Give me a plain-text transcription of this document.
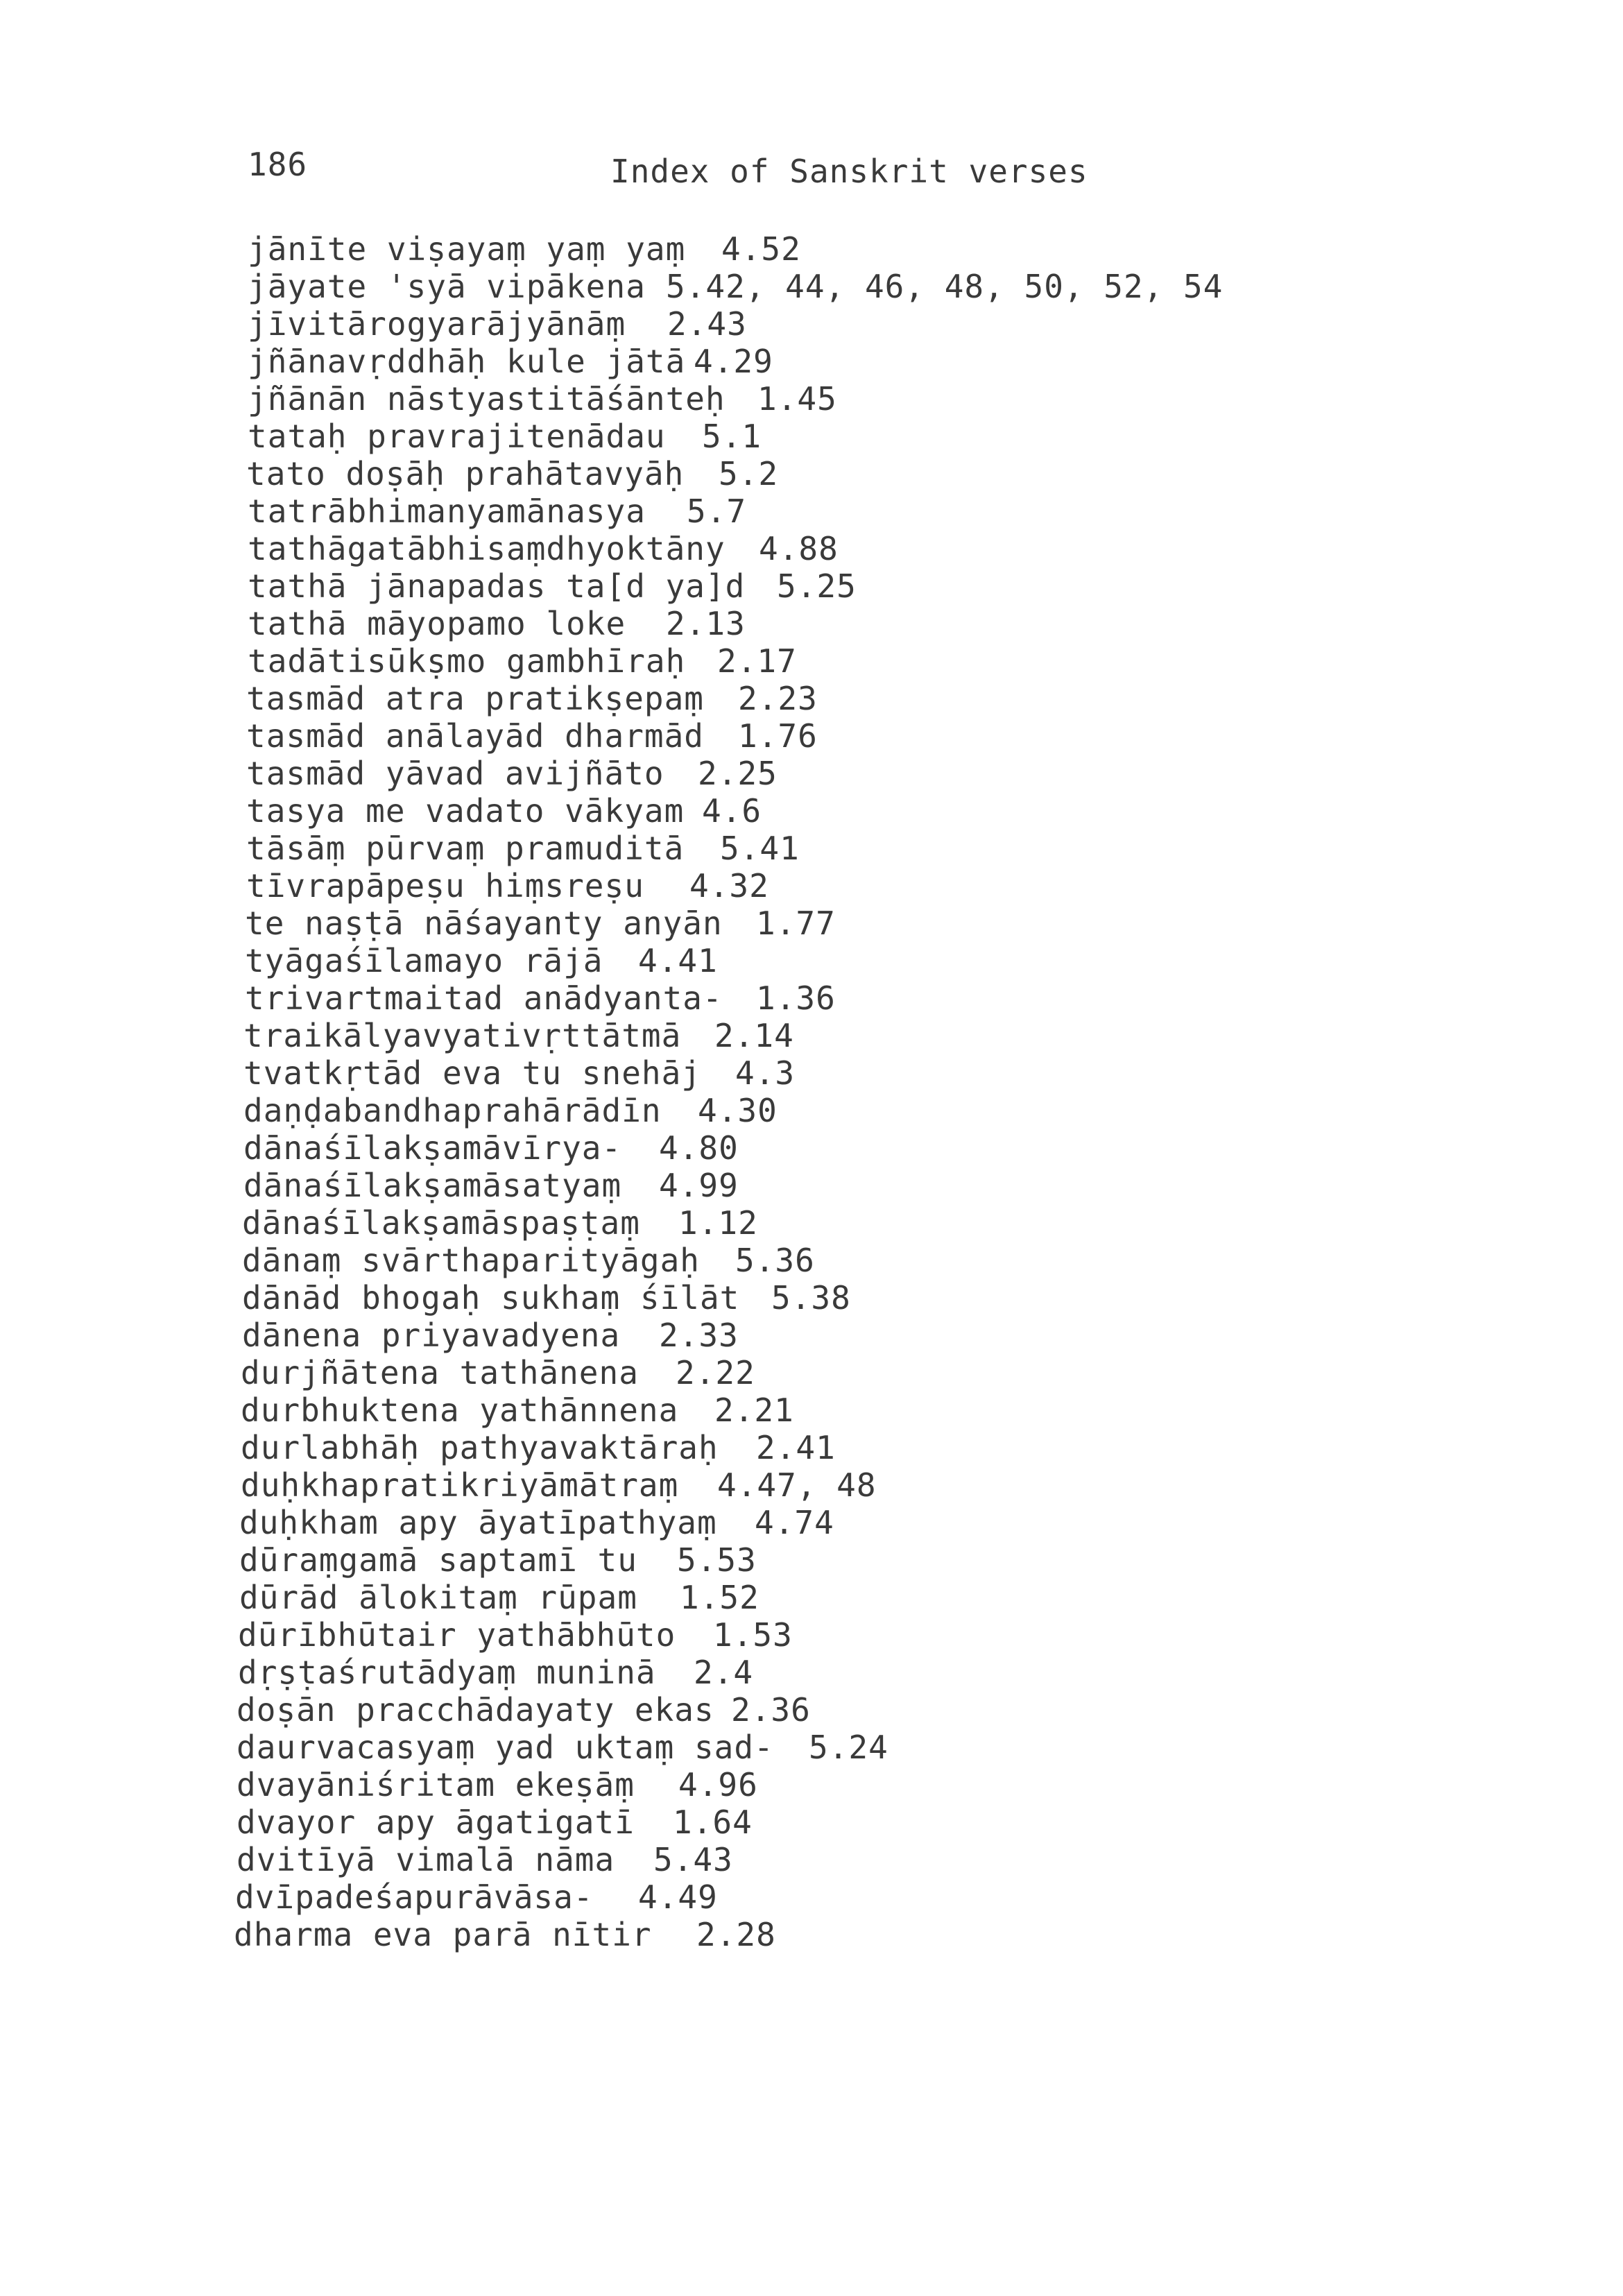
186	Index of Sanskrit verses
jānīte viṣayaṃ yaṃ yaṃ 4.52
jāyate 'syā vipākena 5.42, 44, 46, 48, 50, 52, 54
jīvitārogyarājyānāṃ 2.43
jñānavṛddhāḥ kule jātā 4.29
jñānān nāstyastitāśānteḥ 1.45
tataḥ pravrajitenādau 5.1
tato doṣāḥ prahātavyāḥ 5.2
tatrābhimanyamānasya 5.7
tathāgatābhisaṃdhyoktāny 4.88
tathā jānapadas ta[d ya]d 5.25
tathā māyopamo loke 2.13
tadātisūkṣmo gambhīraḥ 2.17
tasmād atra pratikṣepaṃ 2.23
tasmād anālayād dharmād 1.76
tasmād yāvad avijñāto 2.25
tasya me vadato vākyam 4.6
tāsāṃ pūrvaṃ pramuditā 5.41
tīvrapāpeṣu hiṃsreṣu 4.32
te naṣṭā nāśayanty anyān 1.77
tyāgaśīlamayo rājā 4.41
trivartmaitad anādyanta- 1.36
traikālyavyativṛttātmā 2.14
tvatkṛtād eva tu snehāj 4.3
daṇḍabandhaprahārādīn 4.30
dānaśīlakṣamāvīrya- 4.80
dānaśīlakṣamāsatyaṃ 4.99
dānaśīlakṣamāspaṣṭaṃ 1.12
dānaṃ svārthaparityāgaḥ 5.36
dānād bhogaḥ sukhaṃ śīlāt 5.38
dānena priyavadyena 2.33
durjñātena tathānena 2.22
durbhuktena yathānnena 2.21
durlabhāḥ pathyavaktāraḥ 2.41
duḥkhapratikriyāmātraṃ 4.47, 48
duḥkham apy āyatīpathyaṃ 4.74
dūraṃgamā saptamī tu 5.53
dūrād ālokitaṃ rūpam 1.52
dūrībhūtair yathābhūto 1.53
dṛṣṭaśrutādyaṃ muninā 2.4
doṣān pracchādayaty ekas 2.36
daurvacasyaṃ yad uktaṃ sad- 5.24
dvayāniśritam ekeṣāṃ 4.96
dvayor apy āgatigatī 1.64
dvitīyā vimalā nāma 5.43
dvīpadeśapurāvāsa- 4.49
dharma eva parā nītir 2.28
